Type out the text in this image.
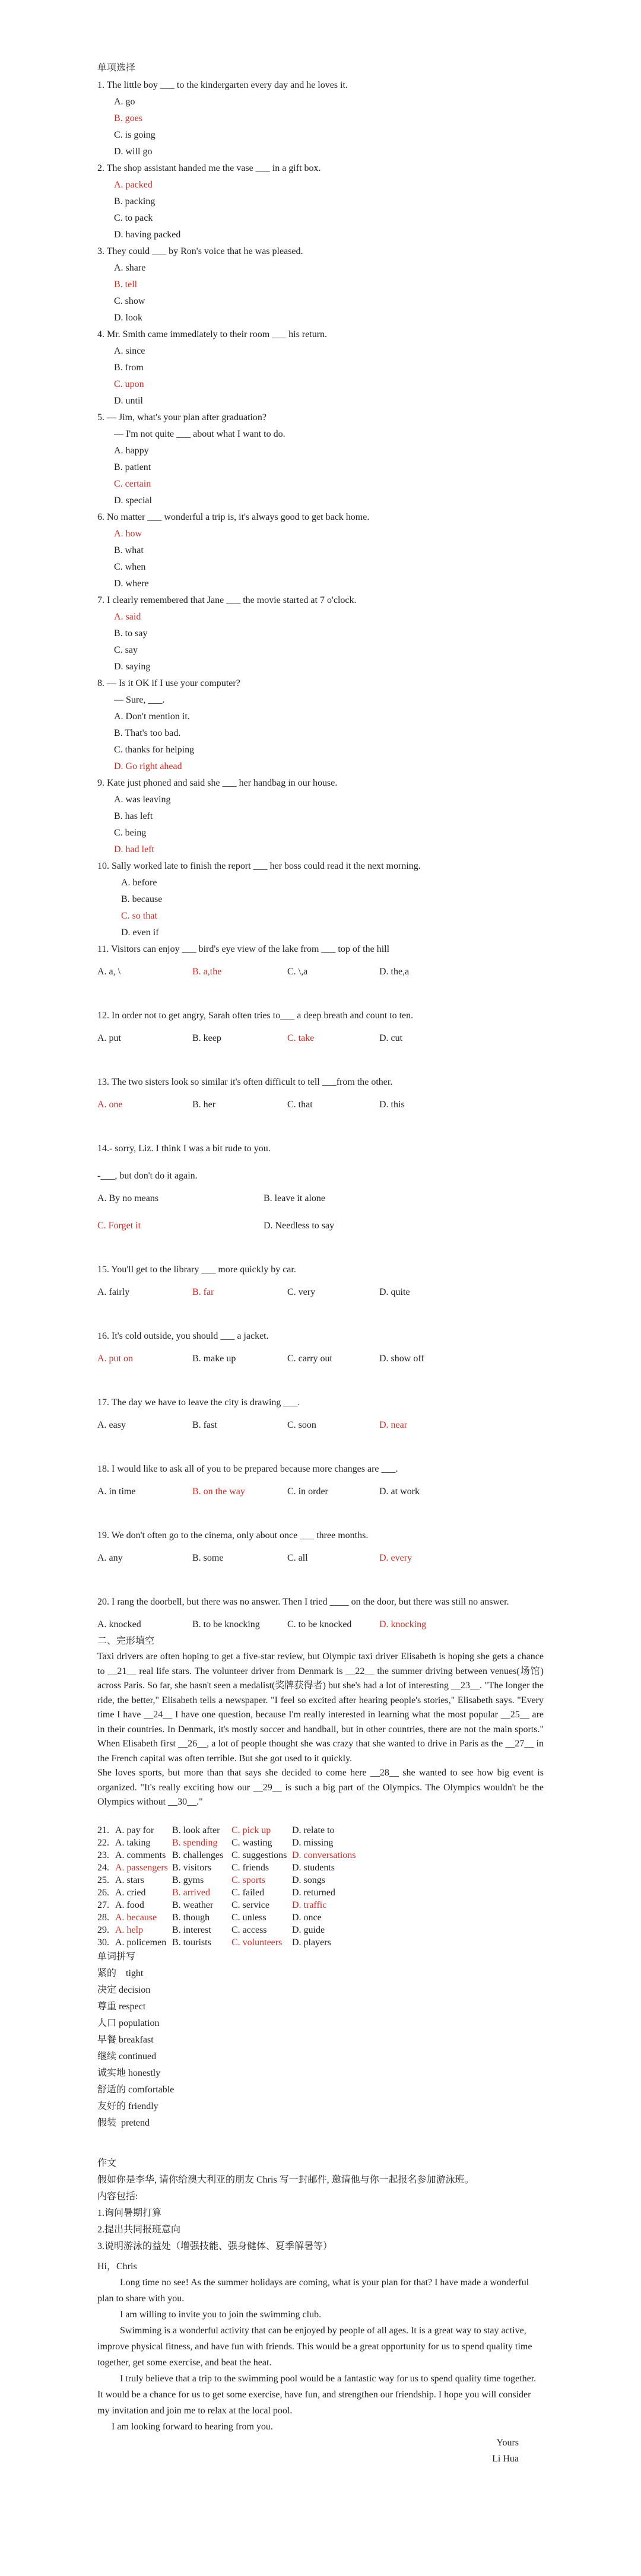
单项选择
1. The little boy ___ to the kindergarten every day and he loves it.
A. go
B. goes
C. is going
D. will go
2. The shop assistant handed me the vase ___ in a gift box.
A. packed
B. packing
C. to pack
D. having packed
3. They could ___ by Ron's voice that he was pleased.
A. share
B. tell
C. show
D. look
4. Mr. Smith came immediately to their room ___ his return.
A. since
B. from
C. upon
D. until
5. — Jim, what's your plan after graduation?
— I'm not quite ___ about what I want to do.
A. happy
B. patient
C. certain
D. special
6. No matter ___ wonderful a trip is, it's always good to get back home.
A. how
B. what
C. when
D. where
7. I clearly remembered that Jane ___ the movie started at 7 o'clock.
A. said
B. to say
C. say
D. saying
8. — Is it OK if I use your computer?
— Sure, ___.
A. Don't mention it.
B. That's too bad.
C. thanks for helping
D. Go right ahead
9. Kate just phoned and said she ___ her handbag in our house.
A. was leaving
B. has left
C. being
D. had left
10. Sally worked late to finish the report ___ her boss could read it the next morning.
A. before
B. because
C. so that
D. even if
11. Visitors can enjoy ___ bird's eye view of the lake from ___ top of the hill
A. a, \	B. a,the	C. \,a	D. the,a
12. In order not to get angry, Sarah often tries to___ a deep breath and count to ten.
A. put	B. keep	C. take	D. cut
13. The two sisters look so similar it's often difficult to tell ___from the other.
A. one	B. her	C. that	D. this
14.- sorry, Liz. I think I was a bit rude to you.
-___, but don't do it again.
A. By no means	B. leave it alone
C. Forget it	D. Needless to say
15. You'll get to the library ___ more quickly by car.
A. fairly	B. far	C. very	D. quite
16. It's cold outside, you should ___ a jacket.
A. put on	B. make up	C. carry out	D. show off
17. The day we have to leave the city is drawing ___.
A. easy	B. fast	C. soon	D. near
18. I would like to ask all of you to be prepared because more changes are ___.
A. in time	B. on the way	C. in order	D. at work
19. We don't often go to the cinema, only about once ___ three months.
A. any	B. some	C. all	D. every
20. I rang the doorbell, but there was no answer. Then I tried ____ on the door, but there was still no answer.
A. knocked	B. to be knocking	C. to be knocked	D. knocking
二、完形填空
Taxi drivers are often hoping to get a five-star review, but Olympic taxi driver Elisabeth is hoping she gets a chance to __21__ real life stars. The volunteer driver from Denmark is __22__ the summer driving between venues(场馆) across Paris. So far, she hasn't seen a medalist(奖牌获得者) but she's had a lot of interesting __23__. "The longer the ride, the better," Elisabeth tells a newspaper. "I feel so excited after hearing people's stories," Elisabeth says. "Every time I have __24__ I have one question, because I'm really interested in learning what the most popular __25__ are in their countries. In Denmark, it's mostly soccer and handball, but in other countries, there are not the main sports." When Elisabeth first __26__, a lot of people thought she was crazy that she wanted to drive in Paris as the __27__ in the French capital was often terrible. But she got used to it quickly.
She loves sports, but more than that says she decided to come here __28__ she wanted to see how big event is organized. "It's really exciting how our __29__ is such a big part of the Olympics. The Olympics wouldn't be the Olympics without __30__."
21. A. pay for	B. look after	C. pick up	D. relate to
22. A. taking	B. spending	C. wasting	D. missing
23. A. comments B. challenges C. suggestions D. conversations
24. A. passengers B. visitors	C. friends	D. students
25. A. stars	B. gyms	C. sports	D. songs
26. A. cried	B. arrived	C. failed	D. returned
27. A. food	B. weather	C. service	D. traffic
28. A. because	B. though	C. unless	D. once
29. A. help	B. interest	C. access	D. guide
30. A. policemen B. tourists	C. volunteers	D. players
单词拼写
紧的    tight
决定 decision
尊重 respect
人口 population
早餐 breakfast
继续 continued
诚实地 honestly
舒适的 comfortable
友好的 friendly
假装  pretend
作文
假如你是李华, 请你给澳大利亚的朋友 Chris 写一封邮件, 邀请他与你一起报名参加游泳班。
内容包括:
1.询问暑期打算
2.提出共同报班意向
3.说明游泳的益处（增强技能、强身健体、夏季解暑等）
Hi，Chris
Long time no see! As the summer holidays are coming, what is your plan for that? I have made a wonderful plan to share with you.
I am willing to invite you to join the swimming club.
Swimming is a wonderful activity that can be enjoyed by people of all ages. It is a great way to stay active, improve physical fitness, and have fun with friends. This would be a great opportunity for us to spend quality time together, get some exercise, and beat the heat.
I truly believe that a trip to the swimming pool would be a fantastic way for us to spend quality time together. It would be a chance for us to get some exercise, have fun, and strengthen our friendship. I hope you will consider my invitation and join me to relax at the local pool.
I am looking forward to hearing from you.
Yours
Li Hua
